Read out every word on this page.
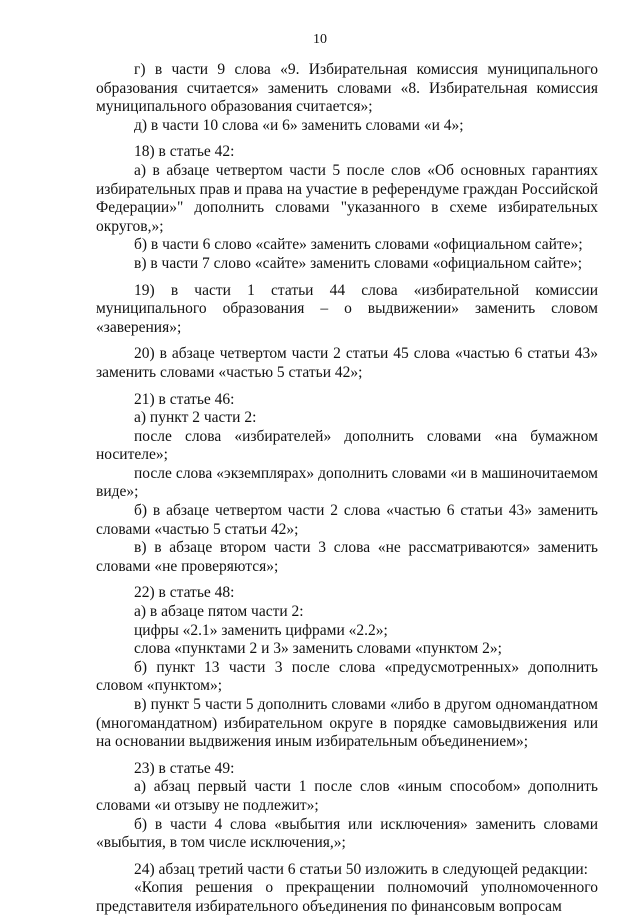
10

г) в части 9 слова «9. Избирательная комиссия муниципального образования считается» заменить словами «8. Избирательная комиссия муниципального образования считается»;

д) в части 10 слова «и 6» заменить словами «и 4»;

18) в статье 42:

а) в абзаце четвертом части 5 после слов «Об основных гарантиях избирательных прав и права на участие в референдуме граждан Российской Федерации»" дополнить словами "указанного в схеме избирательных округов,»;

б) в части 6 слово «сайте» заменить словами «официальном сайте»;

в) в части 7 слово «сайте» заменить словами «официальном сайте»;

19) в части 1 статьи 44 слова «избирательной комиссии муниципального образования – о выдвижении» заменить словом «заверения»;

20) в абзаце четвертом части 2 статьи 45 слова «частью 6 статьи 43» заменить словами «частью 5 статьи 42»;

21) в статье 46:

а) пункт 2 части 2:

после слова «избирателей» дополнить словами «на бумажном носителе»;

после слова «экземплярах» дополнить словами «и в машиночитаемом виде»;

б) в абзаце четвертом части 2 слова «частью 6 статьи 43» заменить словами «частью 5 статьи 42»;

в) в абзаце втором части 3 слова «не рассматриваются» заменить словами «не проверяются»;

22) в статье 48:

а) в абзаце пятом части 2:

цифры «2.1» заменить цифрами «2.2»;

слова «пунктами 2 и 3» заменить словами «пунктом 2»;

б) пункт 13 части 3 после слова «предусмотренных» дополнить словом «пунктом»;

в) пункт 5 части 5 дополнить словами «либо в другом одномандатном (многомандатном) избирательном округе в порядке самовыдвижения или на основании выдвижения иным избирательным объединением»;

23) в статье 49:

а) абзац первый части 1 после слов «иным способом» дополнить словами «и отзыву не подлежит»;

б) в части 4 слова «выбытия или исключения» заменить словами «выбытия, в том числе исключения,»;

24) абзац третий части 6 статьи 50 изложить в следующей редакции:

«Копия решения о прекращении полномочий уполномоченного представителя избирательного объединения по финансовым вопросам
